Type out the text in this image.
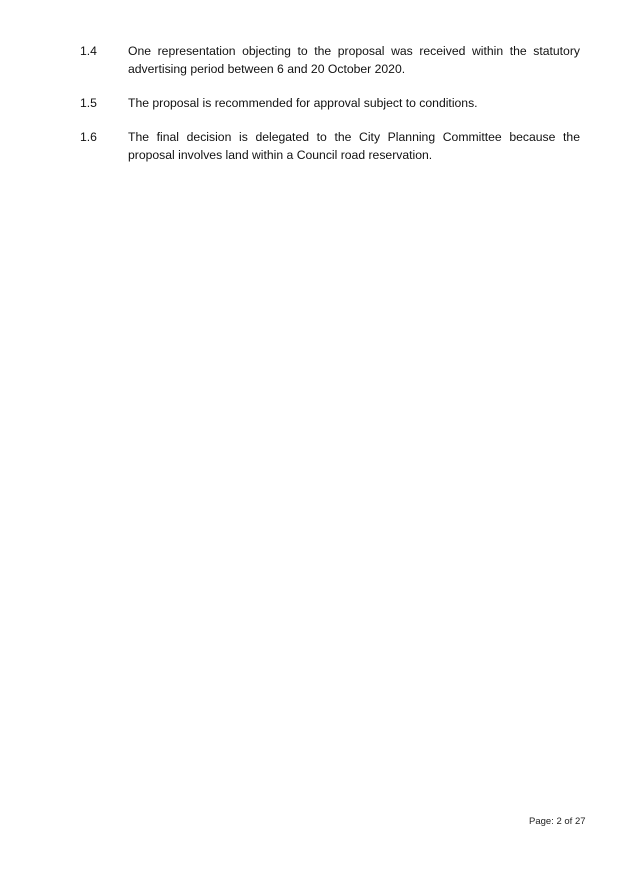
1.4	One representation objecting to the proposal was received within the statutory
advertising period between 6 and 20 October 2020.
1.5	The proposal is recommended for approval subject to conditions.
1.6	The final decision is delegated to the City Planning Committee because the
proposal involves land within a Council road reservation.
Page: 2 of 27
